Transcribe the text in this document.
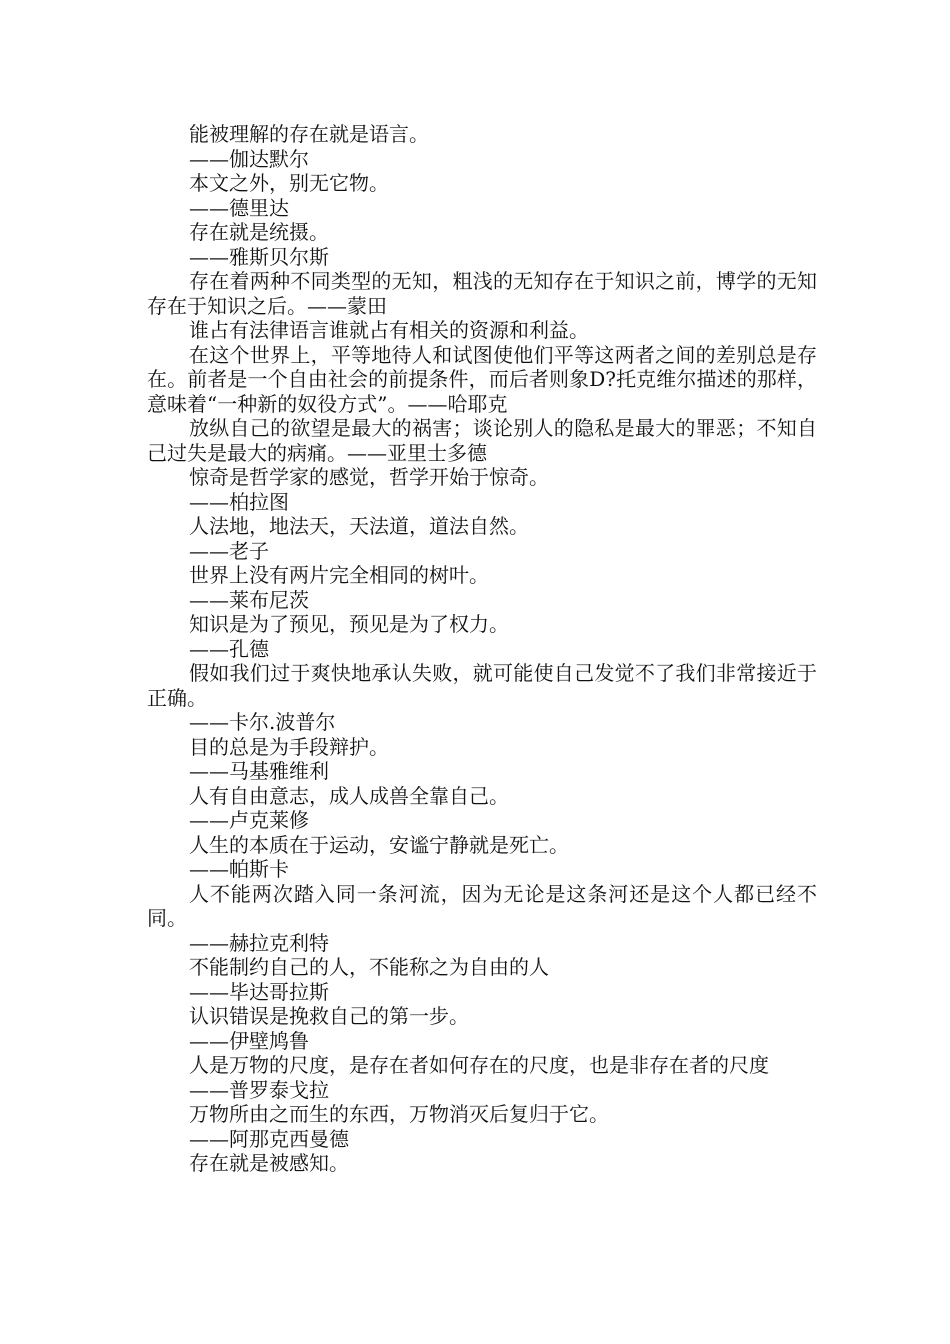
能被理解的存在就是语言。

——伽达默尔

本文之外，别无它物。

——德里达

存在就是统摄。

——雅斯贝尔斯

存在着两种不同类型的无知，粗浅的无知存在于知识之前，博学的无知存在于知识之后。——蒙田

谁占有法律语言谁就占有相关的资源和利益。

在这个世界上，平等地待人和试图使他们平等这两者之间的差别总是存在。前者是一个自由社会的前提条件，而后者则象D?托克维尔描述的那样，意味着“一种新的奴役方式”。——哈耶克

放纵自己的欲望是最大的祸害；谈论别人的隐私是最大的罪恶；不知自己过失是最大的病痛。——亚里士多德

惊奇是哲学家的感觉，哲学开始于惊奇。

——柏拉图

人法地，地法天，天法道，道法自然。

——老子

世界上没有两片完全相同的树叶。

——莱布尼茨

知识是为了预见，预见是为了权力。

——孔德

假如我们过于爽快地承认失败，就可能使自己发觉不了我们非常接近于正确。

——卡尔.波普尔

目的总是为手段辩护。

——马基雅维利

人有自由意志，成人成兽全靠自己。

——卢克莱修

人生的本质在于运动，安谧宁静就是死亡。

——帕斯卡

人不能两次踏入同一条河流，因为无论是这条河还是这个人都已经不同。

——赫拉克利特

不能制约自己的人，不能称之为自由的人

——毕达哥拉斯

认识错误是挽救自己的第一步。

——伊壁鸠鲁

人是万物的尺度，是存在者如何存在的尺度，也是非存在者的尺度

——普罗泰戈拉

万物所由之而生的东西，万物消灭后复归于它。

——阿那克西曼德

存在就是被感知。
